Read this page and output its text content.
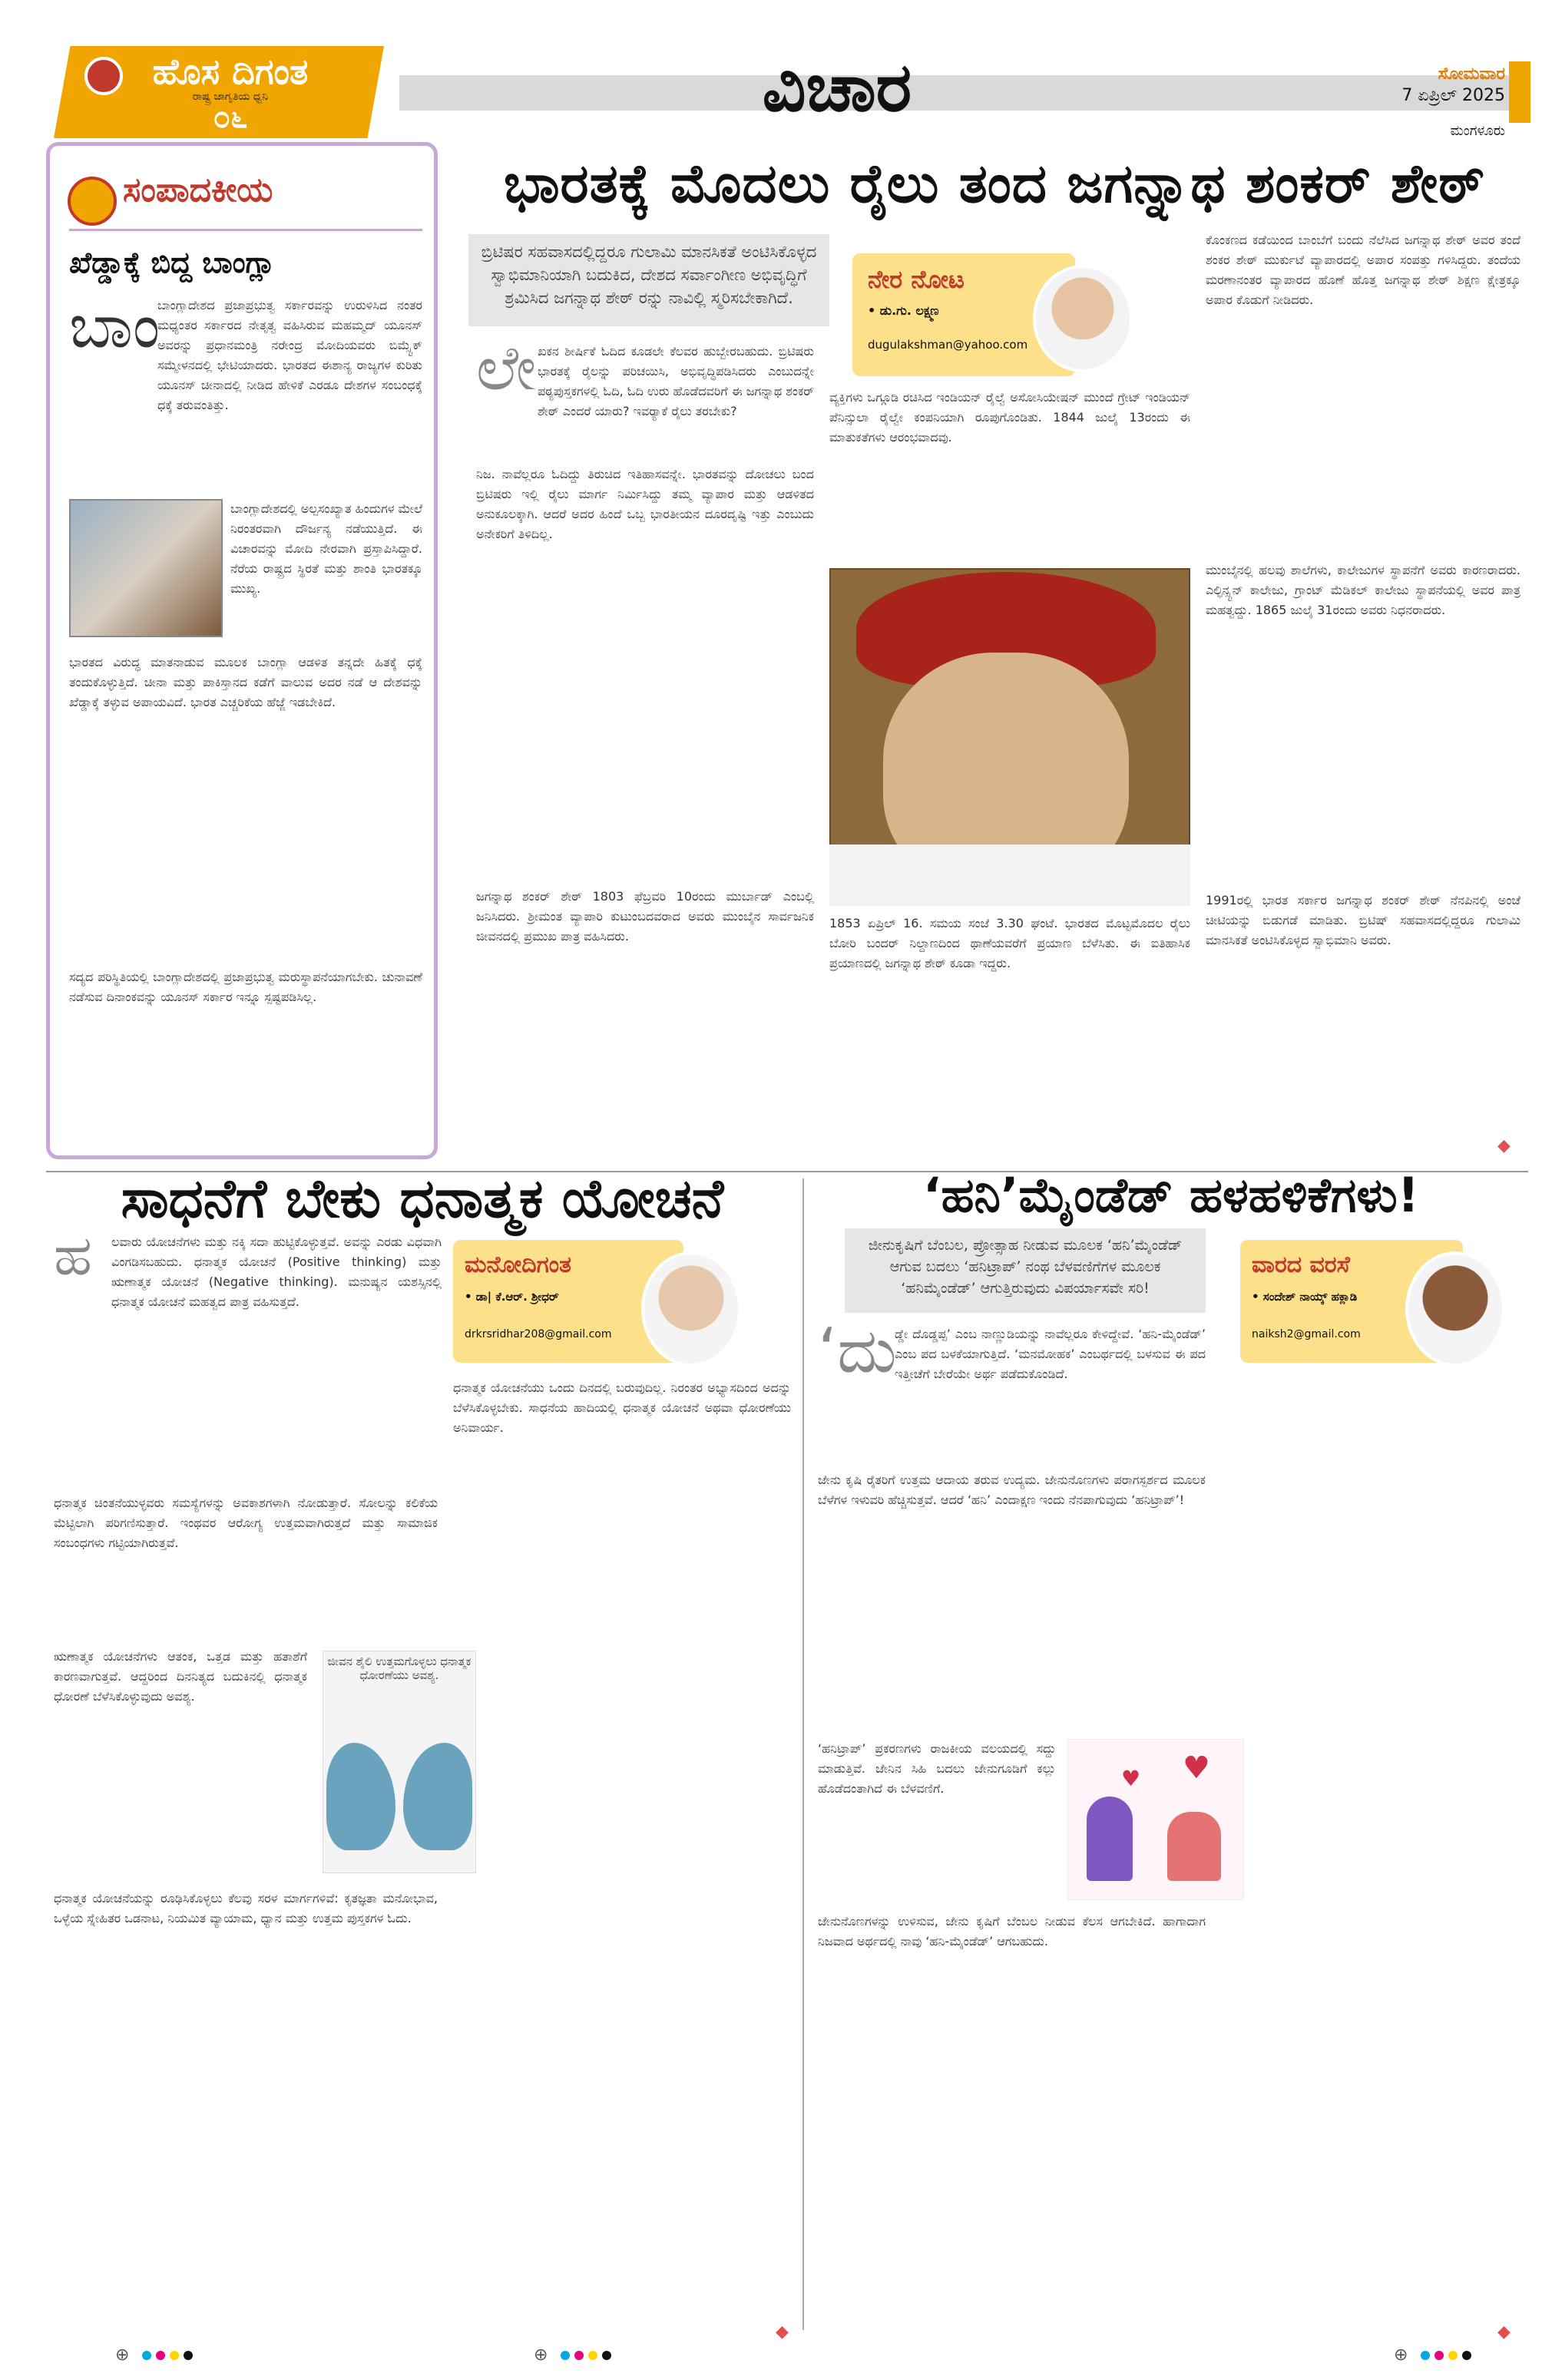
ಹೊಸ ದಿಗಂತ
ರಾಷ್ಟ್ರ ಜಾಗೃತಿಯ ಧ್ವನಿ
೦೬	ವಿಚಾರ	ಸೋಮವಾರ
7 ಏಪ್ರಿಲ್ 2025
ಮಂಗಳೂರು
ಸಂಪಾದಕೀಯ
ಖೆಡ್ಡಾಕ್ಕೆ ಬಿದ್ದ ಬಾಂಗ್ಲಾ
ಬಾಂ
ಬಾಂಗ್ಲಾದೇಶದ ಪ್ರಜಾಪ್ರಭುತ್ವ ಸರ್ಕಾರವನ್ನು ಉರುಳಿಸಿದ ನಂತರ ಮಧ್ಯಂತರ ಸರ್ಕಾರದ ನೇತೃತ್ವ ವಹಿಸಿರುವ ಮಹಮ್ಮದ್ ಯೂನಸ್ ಅವರನ್ನು ಪ್ರಧಾನಮಂತ್ರಿ ನರೇಂದ್ರ ಮೋದಿಯವರು ಬಿಮ್ಸ್ಟೆಕ್ ಸಮ್ಮೇಳನದಲ್ಲಿ ಭೇಟಿಯಾದರು. ಭಾರತದ ಈಶಾನ್ಯ ರಾಜ್ಯಗಳ ಕುರಿತು ಯೂನಸ್ ಚೀನಾದಲ್ಲಿ ನೀಡಿದ ಹೇಳಿಕೆ ಎರಡೂ ದೇಶಗಳ ಸಂಬಂಧಕ್ಕೆ ಧಕ್ಕೆ ತರುವಂತಿತ್ತು.
ಬಾಂಗ್ಲಾದೇಶದಲ್ಲಿ ಅಲ್ಪಸಂಖ್ಯಾತ ಹಿಂದುಗಳ ಮೇಲೆ ನಿರಂತರವಾಗಿ ದೌರ್ಜನ್ಯ ನಡೆಯುತ್ತಿದೆ. ಈ ವಿಚಾರವನ್ನು ಮೋದಿ ನೇರವಾಗಿ ಪ್ರಸ್ತಾಪಿಸಿದ್ದಾರೆ. ನೆರೆಯ ರಾಷ್ಟ್ರದ ಸ್ಥಿರತೆ ಮತ್ತು ಶಾಂತಿ ಭಾರತಕ್ಕೂ ಮುಖ್ಯ.
ಭಾರತದ ವಿರುದ್ಧ ಮಾತನಾಡುವ ಮೂಲಕ ಬಾಂಗ್ಲಾ ಆಡಳಿತ ತನ್ನದೇ ಹಿತಕ್ಕೆ ಧಕ್ಕೆ ತಂದುಕೊಳ್ಳುತ್ತಿದೆ. ಚೀನಾ ಮತ್ತು ಪಾಕಿಸ್ತಾನದ ಕಡೆಗೆ ವಾಲುವ ಅದರ ನಡೆ ಆ ದೇಶವನ್ನು ಖೆಡ್ಡಾಕ್ಕೆ ತಳ್ಳುವ ಅಪಾಯವಿದೆ. ಭಾರತ ಎಚ್ಚರಿಕೆಯ ಹೆಜ್ಜೆ ಇಡಬೇಕಿದೆ.
ಸದ್ಯದ ಪರಿಸ್ಥಿತಿಯಲ್ಲಿ ಬಾಂಗ್ಲಾದೇಶದಲ್ಲಿ ಪ್ರಜಾಪ್ರಭುತ್ವ ಮರುಸ್ಥಾಪನೆಯಾಗಬೇಕು. ಚುನಾವಣೆ ನಡೆಸುವ ದಿನಾಂಕವನ್ನು ಯೂನಸ್ ಸರ್ಕಾರ ಇನ್ನೂ ಸ್ಪಷ್ಟಪಡಿಸಿಲ್ಲ.
ಭಾರತಕ್ಕೆ ಮೊದಲು ರೈಲು ತಂದ ಜಗನ್ನಾಥ ಶಂಕರ್ ಶೇಠ್
ಬ್ರಿಟಿಷರ ಸಹವಾಸದಲ್ಲಿದ್ದರೂ ಗುಲಾಮಿ ಮಾನಸಿಕತೆ ಅಂಟಿಸಿಕೊಳ್ಳದ ಸ್ವಾಭಿಮಾನಿಯಾಗಿ ಬದುಕಿದ, ದೇಶದ ಸರ್ವಾಂಗೀಣ ಅಭಿವೃದ್ಧಿಗೆ ಶ್ರಮಿಸಿದ ಜಗನ್ನಾಥ ಶೇಠ್ ರನ್ನು ನಾವಿಲ್ಲಿ ಸ್ಮರಿಸಬೇಕಾಗಿದೆ.
ನೇರ ನೋಟ
• ಡು.ಗು. ಲಕ್ಷ್ಮಣ
dugulakshman@yahoo.com
ಲೇ ಖಕನ ಶೀರ್ಷಿಕೆ ಓದಿದ ಕೂಡಲೇ ಕೆಲವರ ಹುಬ್ಬೇರಬಹುದು. ಬ್ರಿಟಿಷರು ಭಾರತಕ್ಕೆ ರೈಲನ್ನು ಪರಿಚಯಿಸಿ, ಅಭಿವೃದ್ಧಿಪಡಿಸಿದರು ಎಂಬುದನ್ನೇ ಪಠ್ಯಪುಸ್ತಕಗಳಲ್ಲಿ ಓದಿ, ಓದಿ ಉರು ಹೊಡೆದವರಿಗೆ ಈ ಜಗನ್ನಾಥ ಶಂಕರ್ ಶೇಠ್ ಎಂದರೆ ಯಾರು? ಇವರ್‍ಯಾಕೆ ರೈಲು ತರಬೇಕು?
ನಿಜ. ನಾವೆಲ್ಲರೂ ಓದಿದ್ದು ತಿರುಚಿದ ಇತಿಹಾಸವನ್ನೇ. ಭಾರತವನ್ನು ದೋಚಲು ಬಂದ ಬ್ರಿಟಿಷರು ಇಲ್ಲಿ ರೈಲು ಮಾರ್ಗ ನಿರ್ಮಿಸಿದ್ದು ತಮ್ಮ ವ್ಯಾಪಾರ ಮತ್ತು ಆಡಳಿತದ ಅನುಕೂಲಕ್ಕಾಗಿ. ಆದರೆ ಅದರ ಹಿಂದೆ ಒಬ್ಬ ಭಾರತೀಯನ ದೂರದೃಷ್ಟಿ ಇತ್ತು ಎಂಬುದು ಅನೇಕರಿಗೆ ತಿಳಿದಿಲ್ಲ.
ಜಗನ್ನಾಥ ಶಂಕರ್ ಶೇಠ್ 1803 ಫೆಬ್ರವರಿ 10ರಂದು ಮುರ್ಬಾಡ್ ಎಂಬಲ್ಲಿ ಜನಿಸಿದರು. ಶ್ರೀಮಂತ ವ್ಯಾಪಾರಿ ಕುಟುಂಬದವರಾದ ಅವರು ಮುಂಬೈನ ಸಾರ್ವಜನಿಕ ಜೀವನದಲ್ಲಿ ಪ್ರಮುಖ ಪಾತ್ರ ವಹಿಸಿದರು.
ವ್ಯಕ್ತಿಗಳು ಒಗ್ಗೂಡಿ ರಚಿಸಿದ ಇಂಡಿಯನ್ ರೈಲ್ವೆ ಅಸೋಸಿಯೇಷನ್ ಮುಂದೆ ಗ್ರೇಟ್ ಇಂಡಿಯನ್ ಪೆನಿನ್ಸುಲಾ ರೈಲ್ವೇ ಕಂಪನಿಯಾಗಿ ರೂಪುಗೊಂಡಿತು. 1844 ಜುಲೈ 13ರಂದು ಈ ಮಾತುಕತೆಗಳು ಆರಂಭವಾದವು.
1853 ಏಪ್ರಿಲ್ 16. ಸಮಯ ಸಂಜೆ 3.30 ಘಂಟೆ. ಭಾರತದ ಮೊಟ್ಟಮೊದಲ ರೈಲು ಬೋರಿ ಬಂದರ್ ನಿಲ್ದಾಣದಿಂದ ಥಾಣೆಯವರೆಗೆ ಪ್ರಯಾಣ ಬೆಳೆಸಿತು. ಈ ಐತಿಹಾಸಿಕ ಪ್ರಯಾಣದಲ್ಲಿ ಜಗನ್ನಾಥ ಶೇಠ್ ಕೂಡಾ ಇದ್ದರು.
ಕೊಂಕಣದ ಕಡೆಯಿಂದ ಬಾಂಬೆಗೆ ಬಂದು ನೆಲೆಸಿದ ಜಗನ್ನಾಥ ಶೇಠ್ ಅವರ ತಂದೆ ಶಂಕರ ಶೇಠ್ ಮುರ್ಕುಟೆ ವ್ಯಾಪಾರದಲ್ಲಿ ಅಪಾರ ಸಂಪತ್ತು ಗಳಿಸಿದ್ದರು. ತಂದೆಯ ಮರಣಾನಂತರ ವ್ಯಾಪಾರದ ಹೊಣೆ ಹೊತ್ತ ಜಗನ್ನಾಥ ಶೇಠ್ ಶಿಕ್ಷಣ ಕ್ಷೇತ್ರಕ್ಕೂ ಅಪಾರ ಕೊಡುಗೆ ನೀಡಿದರು.
ಮುಂಬೈನಲ್ಲಿ ಹಲವು ಶಾಲೆಗಳು, ಕಾಲೇಜುಗಳ ಸ್ಥಾಪನೆಗೆ ಅವರು ಕಾರಣರಾದರು. ಎಲ್ಫಿನ್ಸ್ಟನ್ ಕಾಲೇಜು, ಗ್ರಾಂಟ್ ಮೆಡಿಕಲ್ ಕಾಲೇಜು ಸ್ಥಾಪನೆಯಲ್ಲಿ ಅವರ ಪಾತ್ರ ಮಹತ್ವದ್ದು. 1865 ಜುಲೈ 31ರಂದು ಅವರು ನಿಧನರಾದರು.
1991ರಲ್ಲಿ ಭಾರತ ಸರ್ಕಾರ ಜಗನ್ನಾಥ ಶಂಕರ್ ಶೇಠ್ ನೆನಪಿನಲ್ಲಿ ಅಂಚೆ ಚೀಟಿಯನ್ನು ಬಿಡುಗಡೆ ಮಾಡಿತು. ಬ್ರಿಟಿಷ್ ಸಹವಾಸದಲ್ಲಿದ್ದರೂ ಗುಲಾಮಿ ಮಾನಸಿಕತೆ ಅಂಟಿಸಿಕೊಳ್ಳದ ಸ್ವಾಭಿಮಾನಿ ಅವರು.
◆
ಸಾಧನೆಗೆ ಬೇಕು ಧನಾತ್ಮಕ ಯೋಚನೆ
ಹ	ಮನೋದಿಗಂತ
• ಡಾ| ಕೆ.ಆರ್. ಶ್ರೀಧರ್
drkrsridhar208@gmail.com
ಲವಾರು ಯೋಚನೆಗಳು ಮತ್ತು ನಕ್ಕಿ ಸದಾ ಹುಟ್ಟಿಕೊಳ್ಳುತ್ತವೆ. ಅವನ್ನು ಎರಡು ವಿಧವಾಗಿ ವಿಂಗಡಿಸಬಹುದು. ಧನಾತ್ಮಕ ಯೋಚನೆ (Positive thinking) ಮತ್ತು ಋಣಾತ್ಮಕ ಯೋಚನೆ (Negative thinking). ಮನುಷ್ಯನ ಯಶಸ್ಸಿನಲ್ಲಿ ಧನಾತ್ಮಕ ಯೋಚನೆ ಮಹತ್ವದ ಪಾತ್ರ ವಹಿಸುತ್ತದೆ.
ಧನಾತ್ಮಕ ಚಿಂತನೆಯುಳ್ಳವರು ಸಮಸ್ಯೆಗಳನ್ನು ಅವಕಾಶಗಳಾಗಿ ನೋಡುತ್ತಾರೆ. ಸೋಲನ್ನು ಕಲಿಕೆಯ ಮೆಟ್ಟಿಲಾಗಿ ಪರಿಗಣಿಸುತ್ತಾರೆ. ಇಂಥವರ ಆರೋಗ್ಯ ಉತ್ತಮವಾಗಿರುತ್ತದೆ ಮತ್ತು ಸಾಮಾಜಿಕ ಸಂಬಂಧಗಳು ಗಟ್ಟಿಯಾಗಿರುತ್ತವೆ.
ಋಣಾತ್ಮಕ ಯೋಚನೆಗಳು ಆತಂಕ, ಒತ್ತಡ ಮತ್ತು ಹತಾಶೆಗೆ ಕಾರಣವಾಗುತ್ತವೆ. ಆದ್ದರಿಂದ ದಿನನಿತ್ಯದ ಬದುಕಿನಲ್ಲಿ ಧನಾತ್ಮಕ ಧೋರಣೆ ಬೆಳೆಸಿಕೊಳ್ಳುವುದು ಅವಶ್ಯ.
ಜೀವನ ಶೈಲಿ ಉತ್ತಮಗೊಳ್ಳಲು ಧನಾತ್ಮಕ ಧೋರಣೆಯು ಅವಶ್ಯ.
ಧನಾತ್ಮಕ ಯೋಚನೆಯನ್ನು ರೂಢಿಸಿಕೊಳ್ಳಲು ಕೆಲವು ಸರಳ ಮಾರ್ಗಗಳಿವೆ: ಕೃತಜ್ಞತಾ ಮನೋಭಾವ, ಒಳ್ಳೆಯ ಸ್ನೇಹಿತರ ಒಡನಾಟ, ನಿಯಮಿತ ವ್ಯಾಯಾಮ, ಧ್ಯಾನ ಮತ್ತು ಉತ್ತಮ ಪುಸ್ತಕಗಳ ಓದು.
ಧನಾತ್ಮಕ ಯೋಚನೆಯು ಒಂದು ದಿನದಲ್ಲಿ ಬರುವುದಿಲ್ಲ. ನಿರಂತರ ಅಭ್ಯಾಸದಿಂದ ಅದನ್ನು ಬೆಳೆಸಿಕೊಳ್ಳಬೇಕು. ಸಾಧನೆಯ ಹಾದಿಯಲ್ಲಿ ಧನಾತ್ಮಕ ಯೋಚನೆ ಅಥವಾ ಧೋರಣೆಯು ಅನಿವಾರ್ಯ.
◆
‘ಹನಿ’ಮೈಂಡೆಡ್ ಹಳಹಳಿಕೆಗಳು!
ಜೀನುಕೃಷಿಗೆ ಬೆಂಬಲ, ಪ್ರೋತ್ಸಾಹ ನೀಡುವ ಮೂಲಕ ‘ಹನಿ’ಮೈಂಡೆಡ್ ಆಗುವ ಬದಲು ‘ಹನಿಟ್ರಾಪ್’ ನಂಥ ಬೆಳವಣಿಗೆಗಳ ಮೂಲಕ ‘ಹನಿಮೈಂಡೆಡ್’ ಆಗುತ್ತಿರುವುದು ವಿಪರ್ಯಾಸವೇ ಸರಿ!
ವಾರದ ವರಸೆ
• ಸಂದೇಶ್ ನಾಯ್ಕ್ ಹಕ್ಲಾಡಿ
naiksh2@gmail.com
‘ದು
ಡ್ಡೇ ದೊಡ್ಡಪ್ಪ’ ಎಂಬ ನಾಣ್ಣುಡಿಯನ್ನು ನಾವೆಲ್ಲರೂ ಕೇಳಿದ್ದೇವೆ. ‘ಹನಿ-ಮೈಂಡೆಡ್’ ಎಂಬ ಪದ ಬಳಕೆಯಾಗುತ್ತಿದೆ. ‘ಮನಮೋಹಕ’ ಎಂಬರ್ಥದಲ್ಲಿ ಬಳಸುವ ಈ ಪದ ಇತ್ತೀಚೆಗೆ ಬೇರೆಯೇ ಅರ್ಥ ಪಡೆದುಕೊಂಡಿದೆ.
ಜೇನು ಕೃಷಿ ರೈತರಿಗೆ ಉತ್ತಮ ಆದಾಯ ತರುವ ಉದ್ಯಮ. ಜೇನುನೊಣಗಳು ಪರಾಗಸ್ಪರ್ಶದ ಮೂಲಕ ಬೆಳೆಗಳ ಇಳುವರಿ ಹೆಚ್ಚಿಸುತ್ತವೆ. ಆದರೆ ‘ಹನಿ’ ಎಂದಾಕ್ಷಣ ಇಂದು ನೆನಪಾಗುವುದು ‘ಹನಿಟ್ರಾಪ್’!
‘ಹನಿಟ್ರಾಪ್’ ಪ್ರಕರಣಗಳು ರಾಜಕೀಯ ವಲಯದಲ್ಲಿ ಸದ್ದು ಮಾಡುತ್ತಿವೆ. ಜೇನಿನ ಸಿಹಿ ಬದಲು ಜೇನುಗೂಡಿಗೆ ಕಲ್ಲು ಹೊಡೆದಂತಾಗಿದೆ ಈ ಬೆಳವಣಿಗೆ.
♥
♥
ಜೇನುನೊಣಗಳನ್ನು ಉಳಿಸುವ, ಜೇನು ಕೃಷಿಗೆ ಬೆಂಬಲ ನೀಡುವ ಕೆಲಸ ಆಗಬೇಕಿದೆ. ಹಾಗಾದಾಗ ನಿಜವಾದ ಅರ್ಥದಲ್ಲಿ ನಾವು ‘ಹನಿ-ಮೈಂಡೆಡ್’ ಆಗಬಹುದು.
◆
⊕	⊕	⊕
